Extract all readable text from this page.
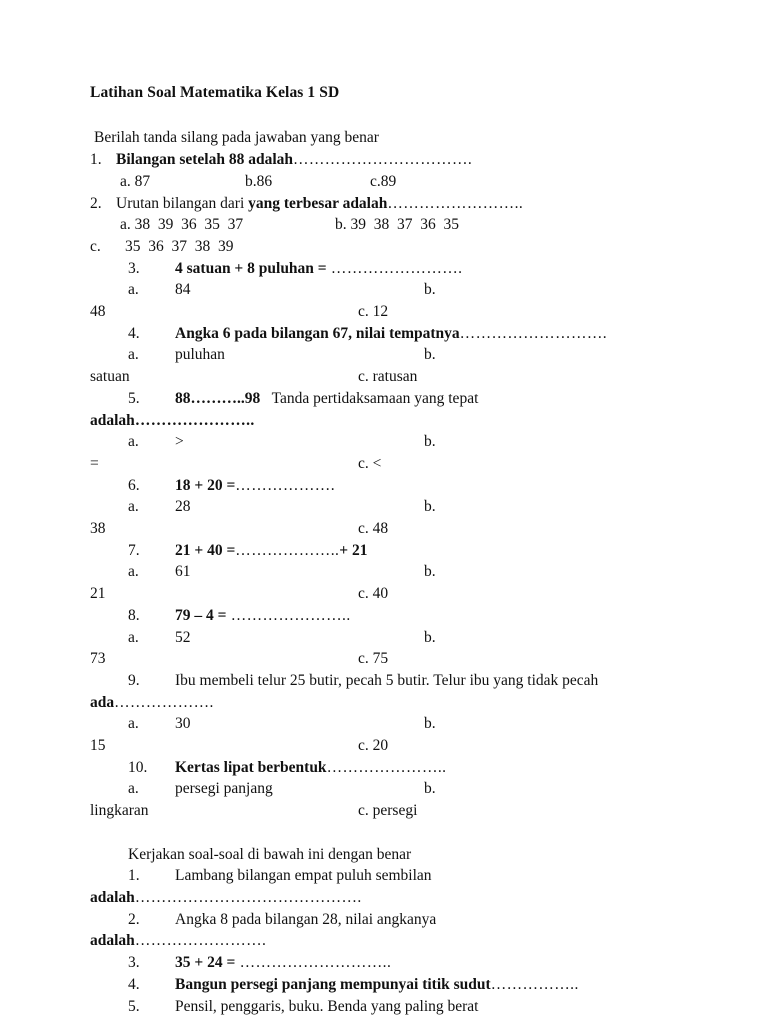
Latihan Soal Matematika Kelas 1 SD
Berilah tanda silang pada jawaban yang benar
1. Bilangan setelah 88 adalah…………………………….
a. 87	b.86	c.89
2. Urutan bilangan dari yang terbesar adalah……………………..
a. 38  39  36  35  37	b. 39  38  37  36  35
c.	35  36  37  38  39
3.	4 satuan + 8 puluhan = …………………….
a.	84	b.
48	c. 12
4.	Angka 6 pada bilangan 67, nilai tempatnya……………………….
a.	puluhan	b.
satuan	c. ratusan
5.	88………..98   Tanda pertidaksamaan yang tepat
adalah…………………..
a.	>	b.
=	c. <
6.	18 + 20 =……………….
a.	28	b.
38	c. 48
7.	21 + 40 =………………..+ 21
a.	61	b.
21	c. 40
8.	79 – 4 = …………………..
a.	52	b.
73	c. 75
9.	Ibu membeli telur 25 butir, pecah 5 butir. Telur ibu yang tidak pecah
ada……………….
a.	30	b.
15	c. 20
10.	Kertas lipat berbentuk…………………..
a.	persegi panjang	b.
lingkaran	c. persegi
Kerjakan soal-soal di bawah ini dengan benar
1.	Lambang bilangan empat puluh sembilan
adalah…………………………………….
2.	Angka 8 pada bilangan 28, nilai angkanya
adalah…………………….
3.	35 + 24 = ………………………..
4.	Bangun persegi panjang mempunyai titik sudut……………..
5.	Pensil, penggaris, buku. Benda yang paling berat
